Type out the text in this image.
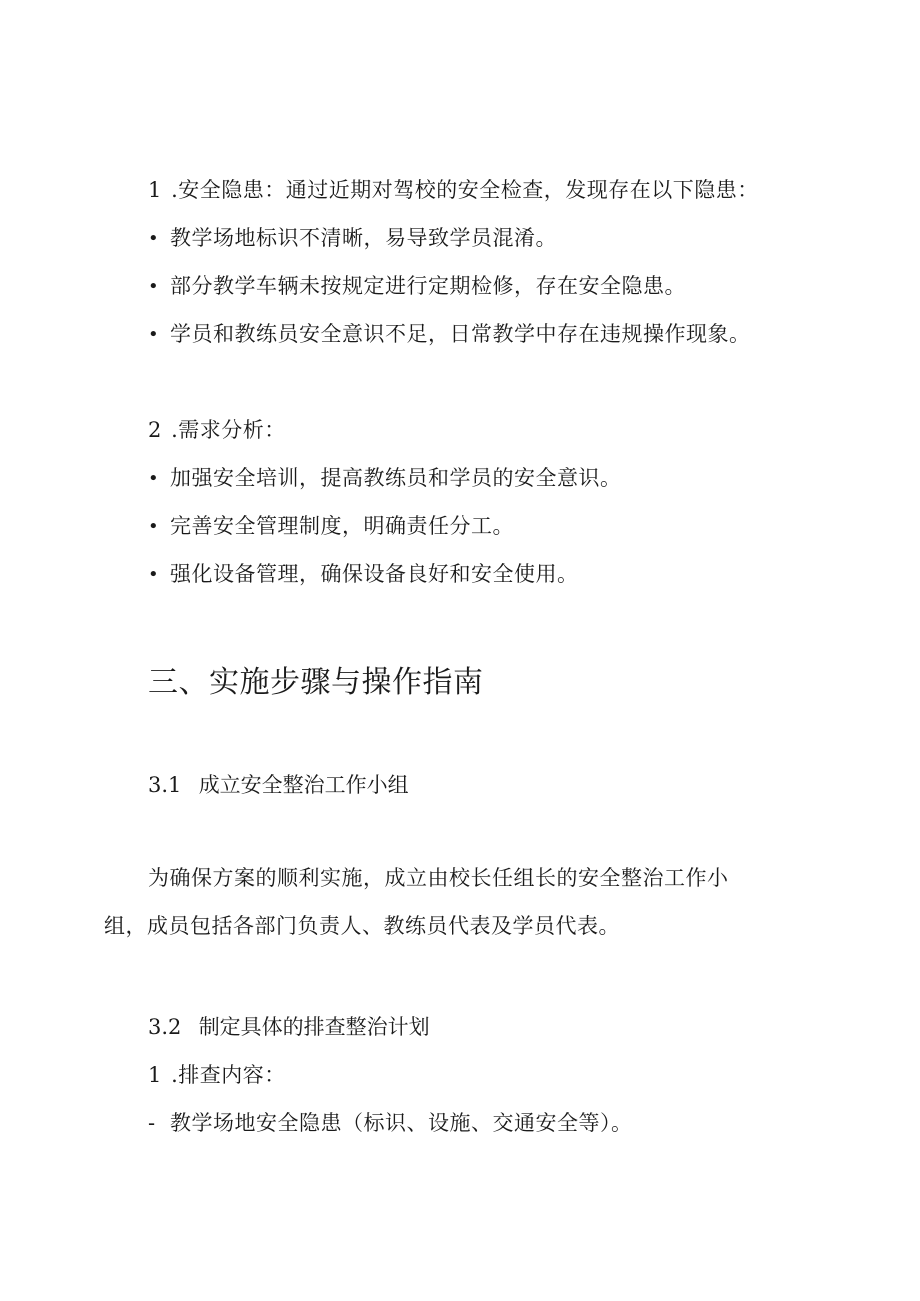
1 .安全隐患：通过近期对驾校的安全检查，发现存在以下隐患：
• 教学场地标识不清晰，易导致学员混淆。
• 部分教学车辆未按规定进行定期检修，存在安全隐患。
• 学员和教练员安全意识不足，日常教学中存在违规操作现象。
2 .需求分析：
• 加强安全培训，提高教练员和学员的安全意识。
• 完善安全管理制度，明确责任分工。
• 强化设备管理，确保设备良好和安全使用。
三、实施步骤与操作指南
3.1 成立安全整治工作小组
为确保方案的顺利实施，成立由校长任组长的安全整治工作小
组，成员包括各部门负责人、教练员代表及学员代表。
3.2 制定具体的排查整治计划
1 .排查内容：
- 教学场地安全隐患（标识、设施、交通安全等）。
